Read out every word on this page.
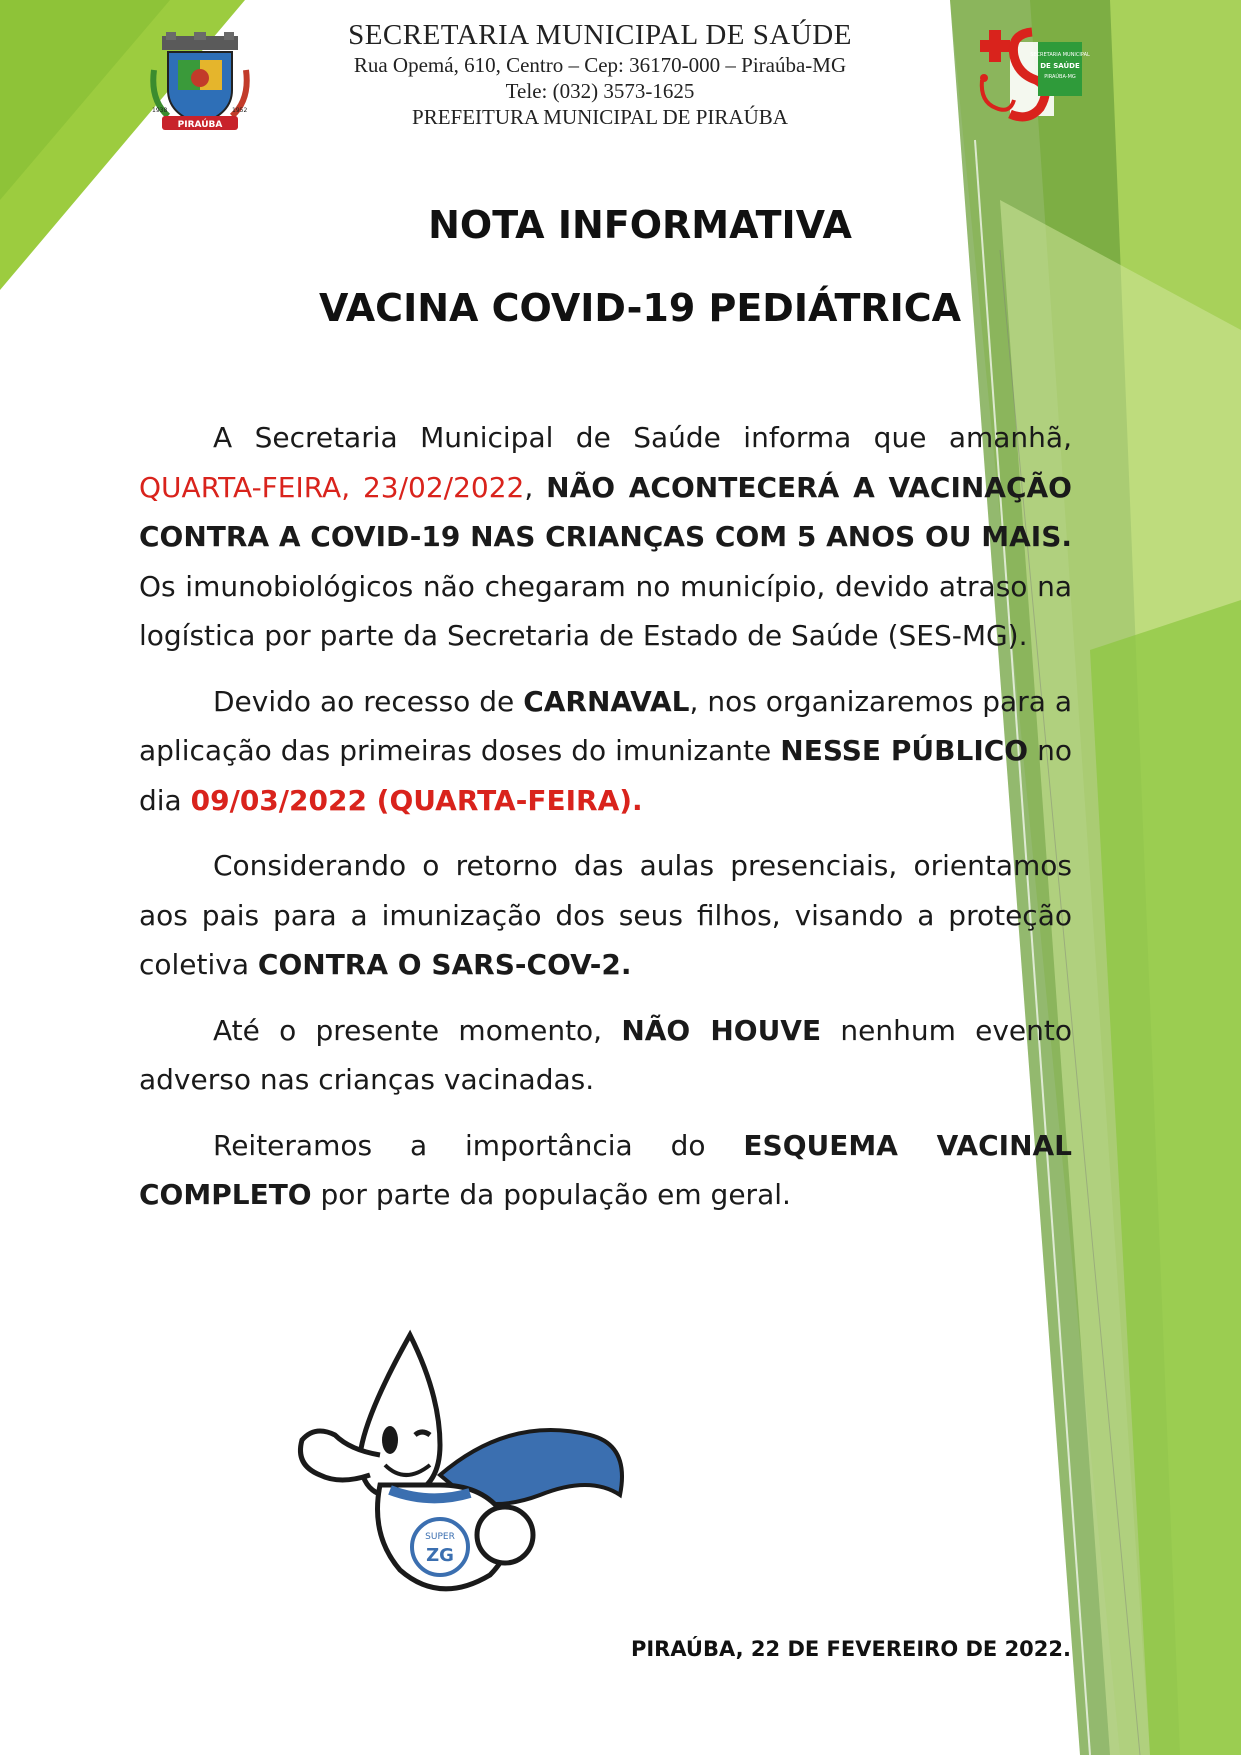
1938	1952
PIRAÚBA
SECRETARIA MUNICIPAL DE SAÚDE
Rua Opemá, 610, Centro – Cep: 36170-000 – Piraúba-MG
Tele: (032) 3573-1625
PREFEITURA MUNICIPAL DE PIRAÚBA
SECRETARIA MUNICIPAL
DE SAÚDE
PIRAÚBA-MG
NOTA INFORMATIVA
VACINA COVID-19 PEDIÁTRICA

A Secretaria Municipal de Saúde informa que amanhã, QUARTA-FEIRA, 23/02/2022, NÃO ACONTECERÁ A VACINAÇÃO CONTRA A COVID-19 NAS CRIANÇAS COM 5 ANOS OU MAIS. Os imunobiológicos não chegaram no município, devido atraso na logística por parte da Secretaria de Estado de Saúde (SES-MG).

Devido ao recesso de CARNAVAL, nos organizaremos para a aplicação das primeiras doses do imunizante NESSE PÚBLICO no dia 09/03/2022 (QUARTA-FEIRA).

Considerando o retorno das aulas presenciais, orientamos aos pais para a imunização dos seus filhos, visando a proteção coletiva CONTRA O SARS-COV-2.

Até o presente momento, NÃO HOUVE nenhum evento adverso nas crianças vacinadas.

Reiteramos a importância do ESQUEMA VACINAL COMPLETO por parte da população em geral.

SUPER
ZG
PIRAÚBA, 22 DE FEVEREIRO DE 2022.
